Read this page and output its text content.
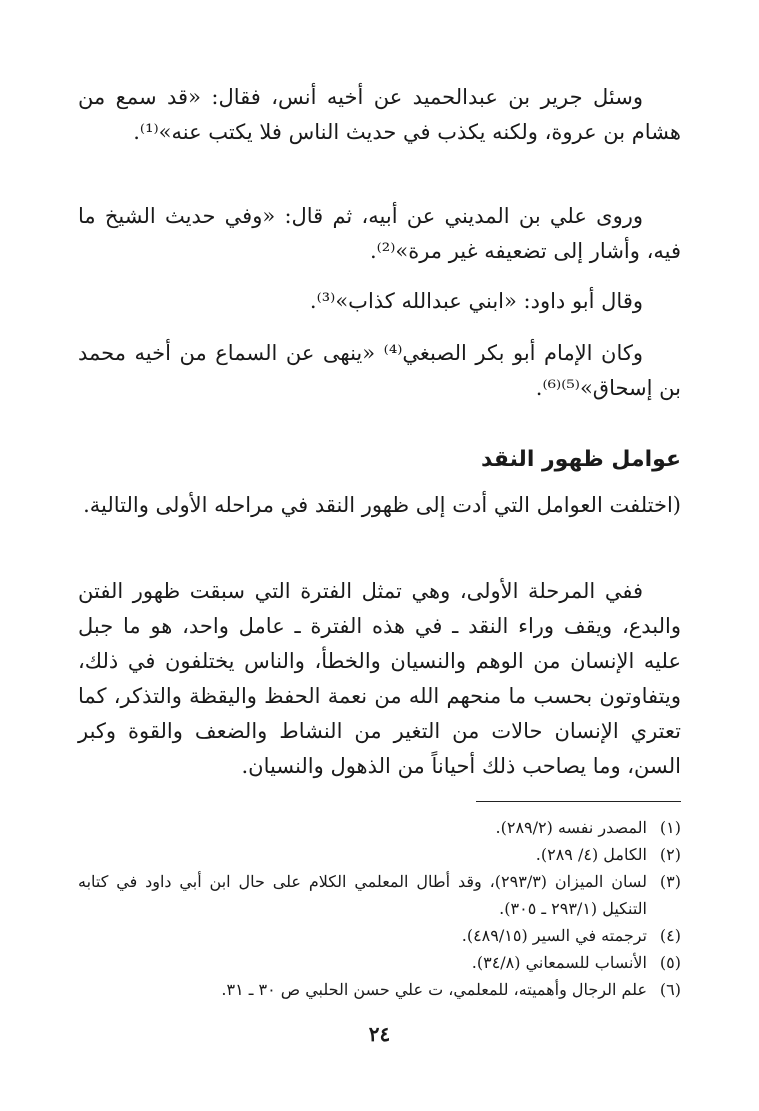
وسئل جرير بن عبدالحميد عن أخيه أنس، فقال: «قد سمع من هشام بن عروة، ولكنه يكذب في حديث الناس فلا يكتب عنه»⁽¹⁾.

وروى علي بن المديني عن أبيه، ثم قال: «وفي حديث الشيخ ما فيه، وأشار إلى تضعيفه غير مرة»⁽²⁾.

وقال أبو داود: «ابني عبدالله كذاب»⁽³⁾.

وكان الإمام أبو بكر الصبغي⁽⁴⁾ «ينهى عن السماع من أخيه محمد بن إسحاق»⁽⁵⁾⁽⁶⁾.

عوامل ظهور النقد

(اختلفت العوامل التي أدت إلى ظهور النقد في مراحله الأولى والتالية.

ففي المرحلة الأولى، وهي تمثل الفترة التي سبقت ظهور الفتن والبدع، ويقف وراء النقد ـ في هذه الفترة ـ عامل واحد، هو ما جبل عليه الإنسان من الوهم والنسيان والخطأ، والناس يختلفون في ذلك، ويتفاوتون بحسب ما منحهم الله من نعمة الحفظ واليقظة والتذكر، كما تعتري الإنسان حالات من التغير من النشاط والضعف والقوة وكبر السن، وما يصاحب ذلك أحياناً من الذهول والنسيان.

(١)
المصدر نفسه (٢٨٩/٢).
(٢)
الكامل (٤/ ٢٨٩).
(٣)
لسان الميزان (٢٩٣/٣)، وقد أطال المعلمي الكلام على حال ابن أبي داود في كتابه التنكيل (٢٩٣/١ ـ ٣٠٥).
(٤)
ترجمته في السير (٤٨٩/١٥).
(٥)
الأنساب للسمعاني (٣٤/٨).
(٦)
علم الرجال وأهميته، للمعلمي، ت علي حسن الحلبي ص ٣٠ ـ ٣١.

٢٤
